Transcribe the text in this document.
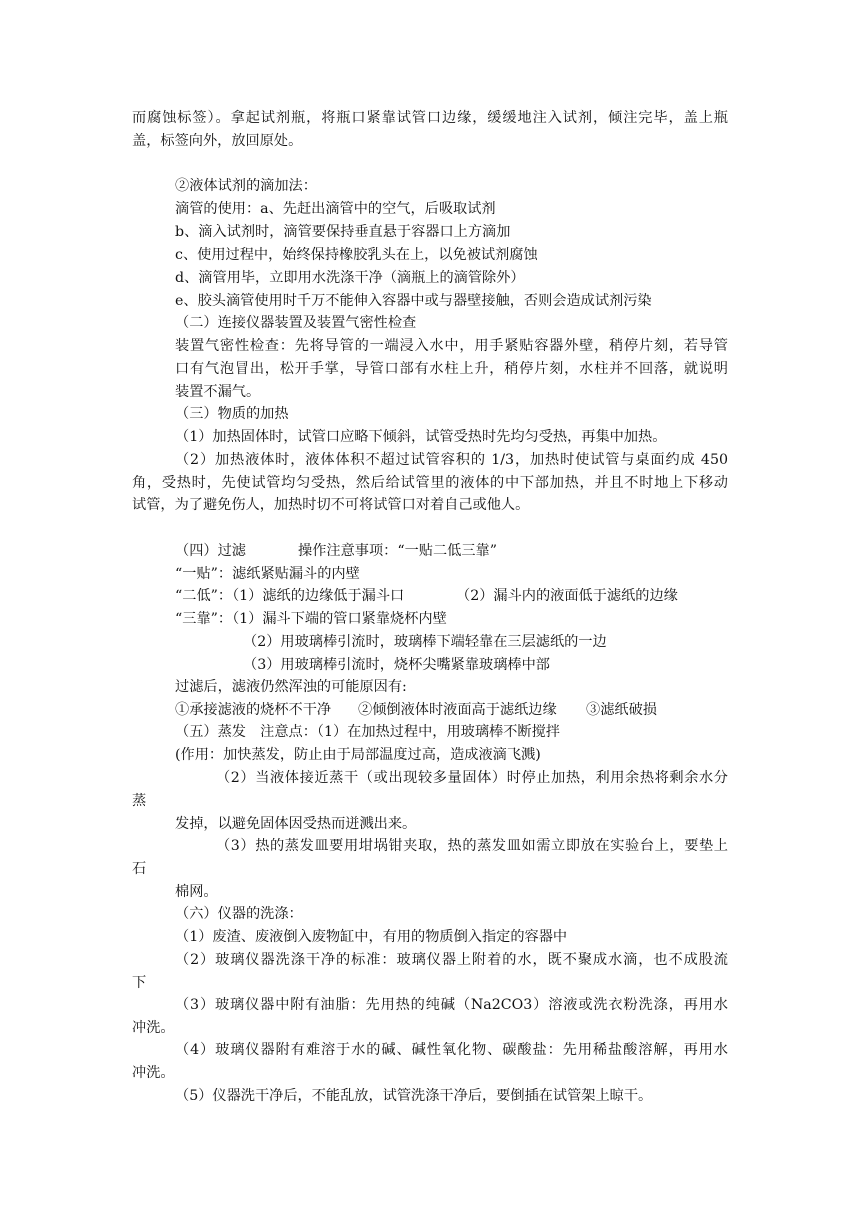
而腐蚀标签）。拿起试剂瓶，将瓶口紧靠试管口边缘，缓缓地注入试剂，倾注完毕，盖上瓶
盖，标签向外，放回原处。
②液体试剂的滴加法：
滴管的使用：a、先赶出滴管中的空气，后吸取试剂
b、滴入试剂时，滴管要保持垂直悬于容器口上方滴加
c、使用过程中，始终保持橡胶乳头在上，以免被试剂腐蚀
d、滴管用毕，立即用水洗涤干净（滴瓶上的滴管除外）
e、胶头滴管使用时千万不能伸入容器中或与器壁接触，否则会造成试剂污染
（二）连接仪器装置及装置气密性检查
装置气密性检查：先将导管的一端浸入水中，用手紧贴容器外壁，稍停片刻，若导管
口有气泡冒出，松开手掌，导管口部有水柱上升，稍停片刻，水柱并不回落，就说明
装置不漏气。
（三）物质的加热
（1）加热固体时，试管口应略下倾斜，试管受热时先均匀受热，再集中加热。
（2）加热液体时，液体体积不超过试管容积的 1/3，加热时使试管与桌面约成 450
角，受热时，先使试管均匀受热，然后给试管里的液体的中下部加热，并且不时地上下移动
试管，为了避免伤人，加热时切不可将试管口对着自己或他人。
（四）过滤	操作注意事项：“一贴二低三靠”
“一贴”：滤纸紧贴漏斗的内壁
“二低”：（1）滤纸的边缘低于漏斗口	（2）漏斗内的液面低于滤纸的边缘
“三靠”：（1）漏斗下端的管口紧靠烧杯内壁
（2）用玻璃棒引流时，玻璃棒下端轻靠在三层滤纸的一边
（3）用玻璃棒引流时，烧杯尖嘴紧靠玻璃棒中部
过滤后，滤液仍然浑浊的可能原因有:
①承接滤液的烧杯不干净 ②倾倒液体时液面高于滤纸边缘 ③滤纸破损
（五）蒸发　注意点：（1）在加热过程中，用玻璃棒不断搅拌
(作用：加快蒸发，防止由于局部温度过高，造成液滴飞溅)
（2）当液体接近蒸干（或出现较多量固体）时停止加热，利用余热将剩余水分
蒸
发掉，以避免固体因受热而迸溅出来。
（3）热的蒸发皿要用坩埚钳夹取，热的蒸发皿如需立即放在实验台上，要垫上
石
棉网。
（六）仪器的洗涤：
（1）废渣、废液倒入废物缸中，有用的物质倒入指定的容器中
（2）玻璃仪器洗涤干净的标准：玻璃仪器上附着的水，既不聚成水滴，也不成股流
下
（3）玻璃仪器中附有油脂：先用热的纯碱（Na2CO3）溶液或洗衣粉洗涤，再用水
冲洗。
（4）玻璃仪器附有难溶于水的碱、碱性氧化物、碳酸盐：先用稀盐酸溶解，再用水
冲洗。
（5）仪器洗干净后，不能乱放，试管洗涤干净后，要倒插在试管架上晾干。
